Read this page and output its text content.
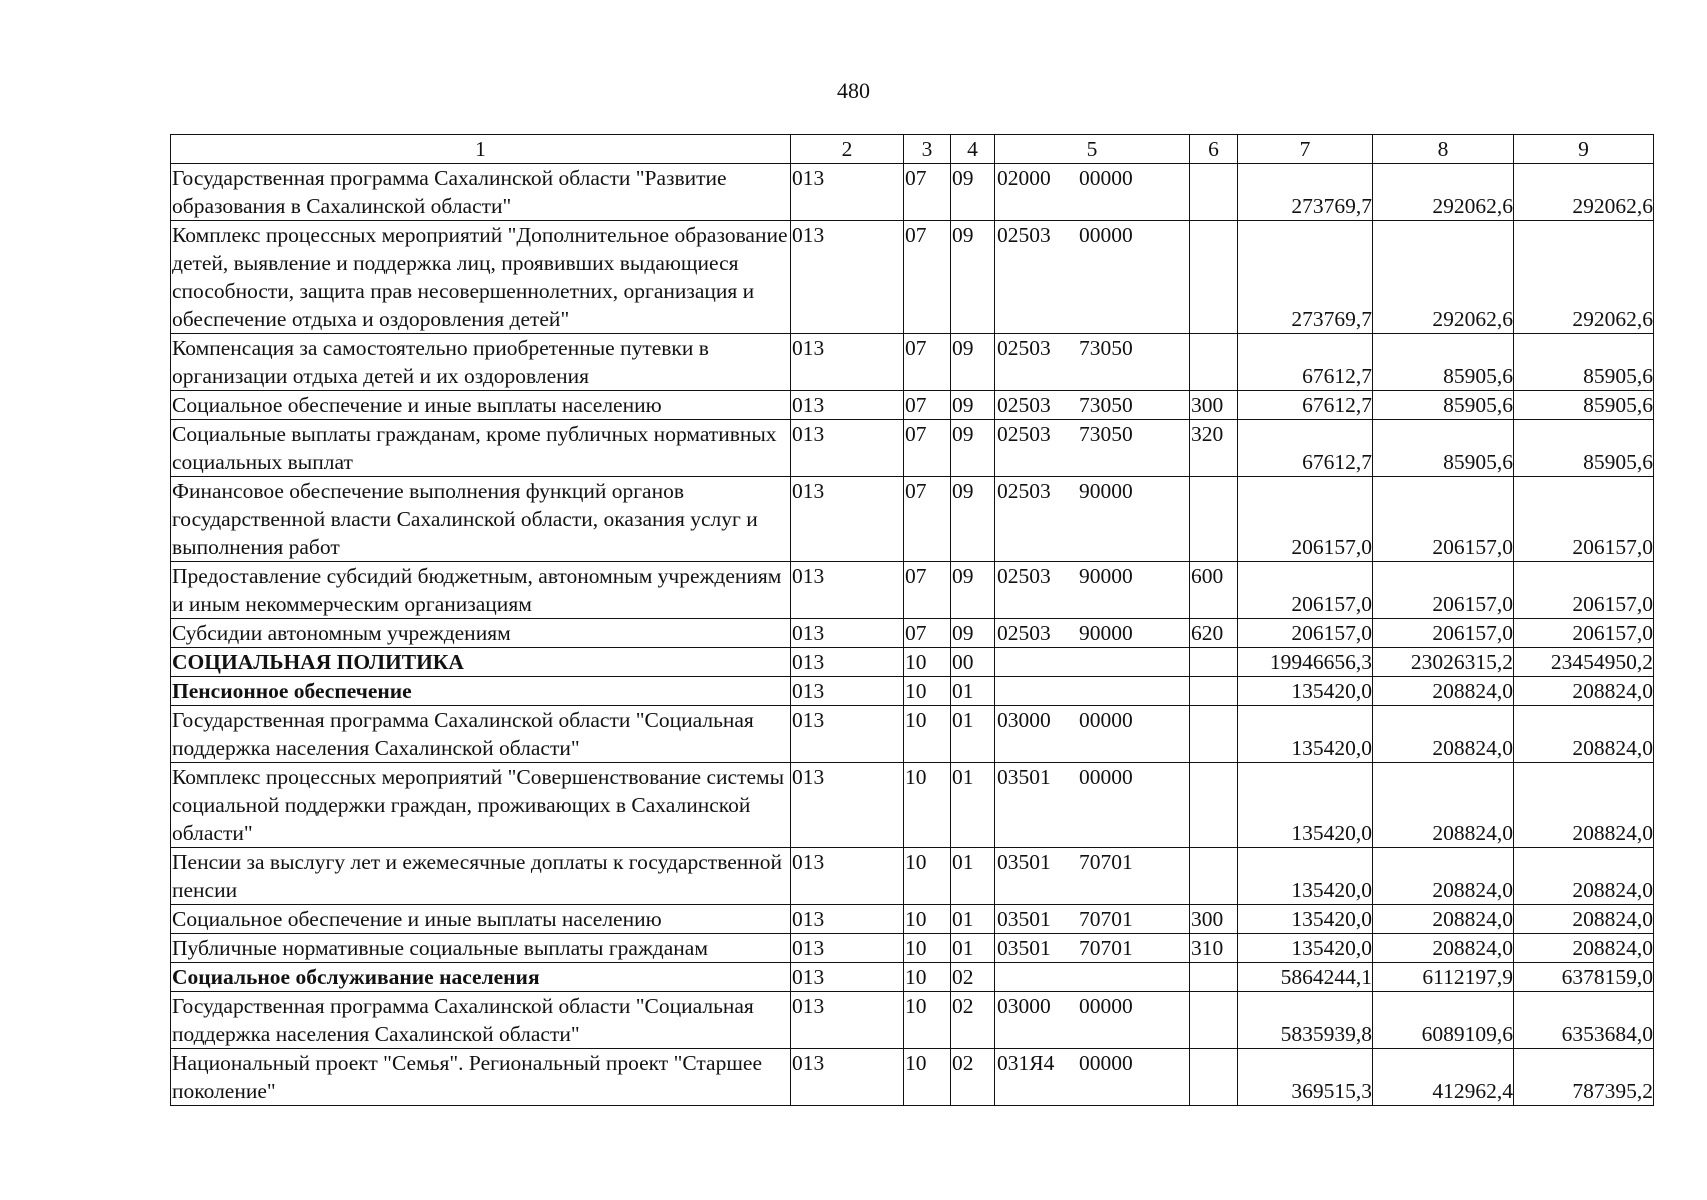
480
1	2	3	4	5	6	7	8	9
Государственная программа Сахалинской области "Развитие образования в Сахалинской области"	013	07	09	02000 00000		273769,7	292062,6	292062,6
Комплекс процессных мероприятий "Дополнительное образование детей, выявление и поддержка лиц, проявивших выдающиеся способности, защита прав несовершеннолетних, организация и обеспечение отдыха и оздоровления детей"	013	07	09	02503 00000		273769,7	292062,6	292062,6
Компенсация за самостоятельно приобретенные путевки в организации отдыха детей и их оздоровления	013	07	09	02503 73050		67612,7	85905,6	85905,6
Социальное обеспечение и иные выплаты населению	013	07	09	02503 73050	300	67612,7	85905,6	85905,6
Социальные выплаты гражданам, кроме публичных нормативных социальных выплат	013	07	09	02503 73050	320	67612,7	85905,6	85905,6
Финансовое обеспечение выполнения функций органов государственной власти Сахалинской области, оказания услуг и выполнения работ	013	07	09	02503 90000		206157,0	206157,0	206157,0
Предоставление субсидий бюджетным, автономным учреждениям и иным некоммерческим организациям	013	07	09	02503 90000	600	206157,0	206157,0	206157,0
Субсидии автономным учреждениям	013	07	09	02503 90000	620	206157,0	206157,0	206157,0
СОЦИАЛЬНАЯ ПОЛИТИКА	013	10	00			19946656,3	23026315,2	23454950,2
Пенсионное обеспечение	013	10	01			135420,0	208824,0	208824,0
Государственная программа Сахалинской области "Социальная поддержка населения Сахалинской области"	013	10	01	03000 00000		135420,0	208824,0	208824,0
Комплекс процессных мероприятий "Совершенствование системы социальной поддержки граждан, проживающих в Сахалинской области"	013	10	01	03501 00000		135420,0	208824,0	208824,0
Пенсии за выслугу лет и ежемесячные доплаты к государственной пенсии	013	10	01	03501 70701		135420,0	208824,0	208824,0
Социальное обеспечение и иные выплаты населению	013	10	01	03501 70701	300	135420,0	208824,0	208824,0
Публичные нормативные социальные выплаты гражданам	013	10	01	03501 70701	310	135420,0	208824,0	208824,0
Социальное обслуживание населения	013	10	02			5864244,1	6112197,9	6378159,0
Государственная программа Сахалинской области "Социальная поддержка населения Сахалинской области"	013	10	02	03000 00000		5835939,8	6089109,6	6353684,0
Национальный проект "Семья". Региональный проект "Старшее поколение"	013	10	02	031Я4 00000		369515,3	412962,4	787395,2
